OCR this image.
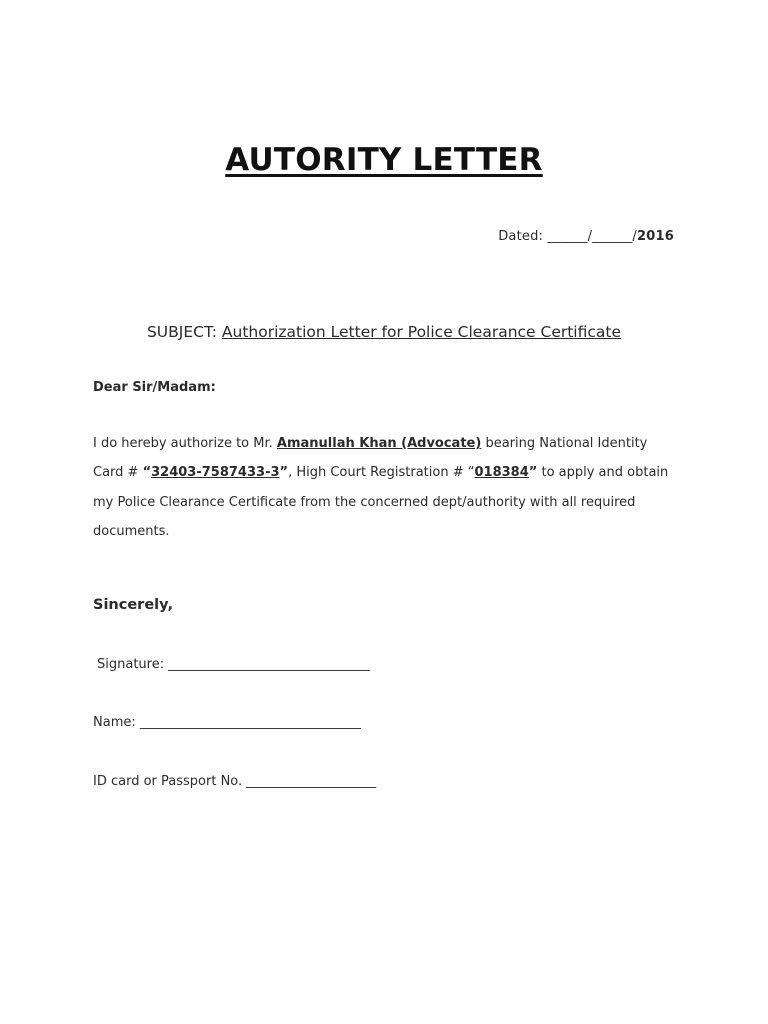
AUTORITY LETTER
Dated: ______/______/2016
SUBJECT: Authorization Letter for Police Clearance Certificate
Dear Sir/Madam:
I do hereby authorize to Mr. Amanullah Khan (Advocate) bearing National Identity
Card # “32403-7587433-3”, High Court Registration # “018384” to apply and obtain
my Police Clearance Certificate from the concerned dept/authority with all required
documents.
Sincerely,
Signature: _______________________________
Name: __________________________________
ID card or Passport No. ____________________
